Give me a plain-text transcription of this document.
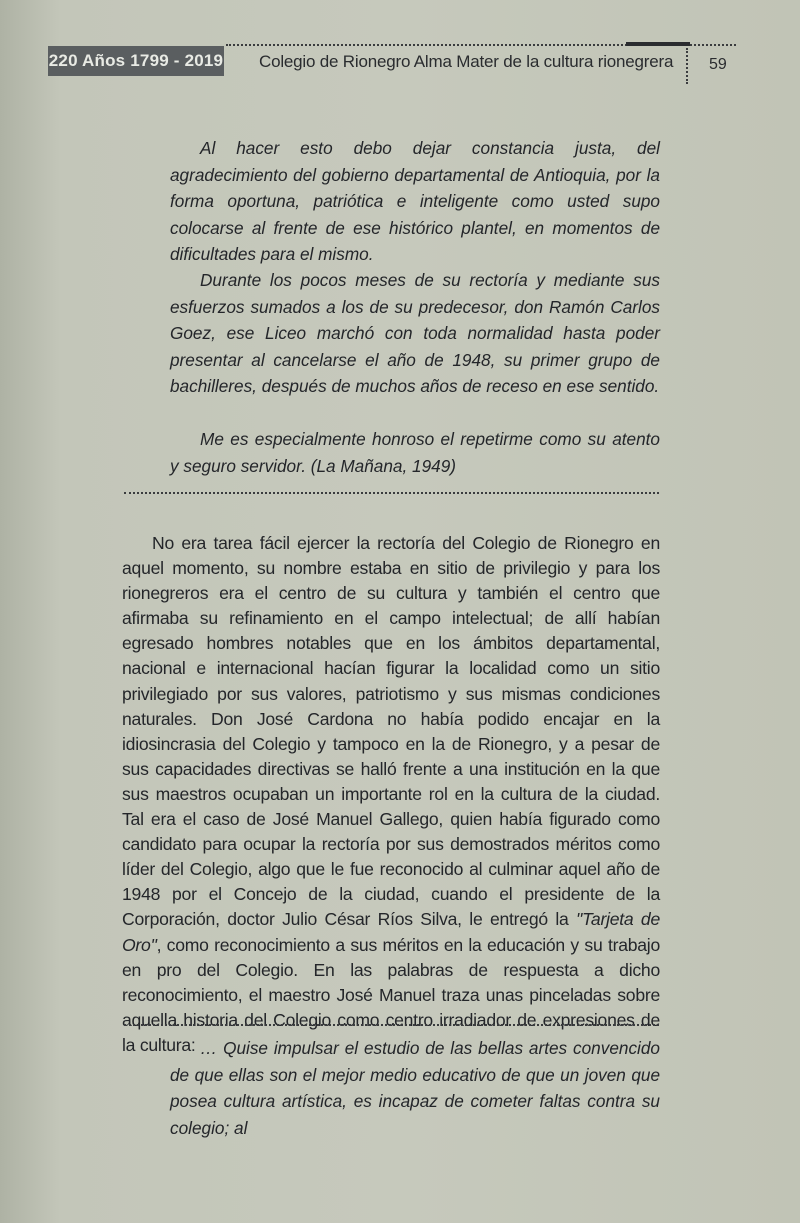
220 Años 1799 - 2019 Colegio de Rionegro Alma Mater de la cultura rionegrera 59

Al hacer esto debo dejar constancia justa, del agradecimiento del gobierno departamental de Antioquia, por la forma oportuna, patriótica e inteligente como usted supo colocarse al frente de ese histórico plantel, en momentos de dificultades para el mismo.

Durante los pocos meses de su rectoría y mediante sus esfuerzos sumados a los de su predecesor, don Ramón Carlos Goez, ese Liceo marchó con toda normalidad hasta poder presentar al cancelarse el año de 1948, su primer grupo de bachilleres, después de muchos años de receso en ese sentido.

Me es especialmente honroso el repetirme como su atento y seguro servidor. (La Mañana, 1949)

No era tarea fácil ejercer la rectoría del Colegio de Rionegro en aquel momento, su nombre estaba en sitio de privilegio y para los rionegreros era el centro de su cultura y también el centro que afirmaba su refinamiento en el campo intelectual; de allí habían egresado hombres notables que en los ámbitos departamental, nacional e internacional hacían figurar la localidad como un sitio privilegiado por sus valores, patriotismo y sus mismas condiciones naturales. Don José Cardona no había podido encajar en la idiosincrasia del Colegio y tampoco en la de Rionegro, y a pesar de sus capacidades directivas se halló frente a una institución en la que sus maestros ocupaban un importante rol en la cultura de la ciudad. Tal era el caso de José Manuel Gallego, quien había figurado como candidato para ocupar la rectoría por sus demostrados méritos como líder del Colegio, algo que le fue reconocido al culminar aquel año de 1948 por el Concejo de la ciudad, cuando el presidente de la Corporación, doctor Julio César Ríos Silva, le entregó la "Tarjeta de Oro", como reconocimiento a sus méritos en la educación y su trabajo en pro del Colegio. En las palabras de respuesta a dicho reconocimiento, el maestro José Manuel traza unas pinceladas sobre aquella historia del Colegio como centro irradiador de expresiones de la cultura: … Quise impulsar el estudio de las bellas artes convencido de que ellas son el mejor medio educativo de que un joven que posea cultura artística, es incapaz de cometer faltas contra su colegio; al
